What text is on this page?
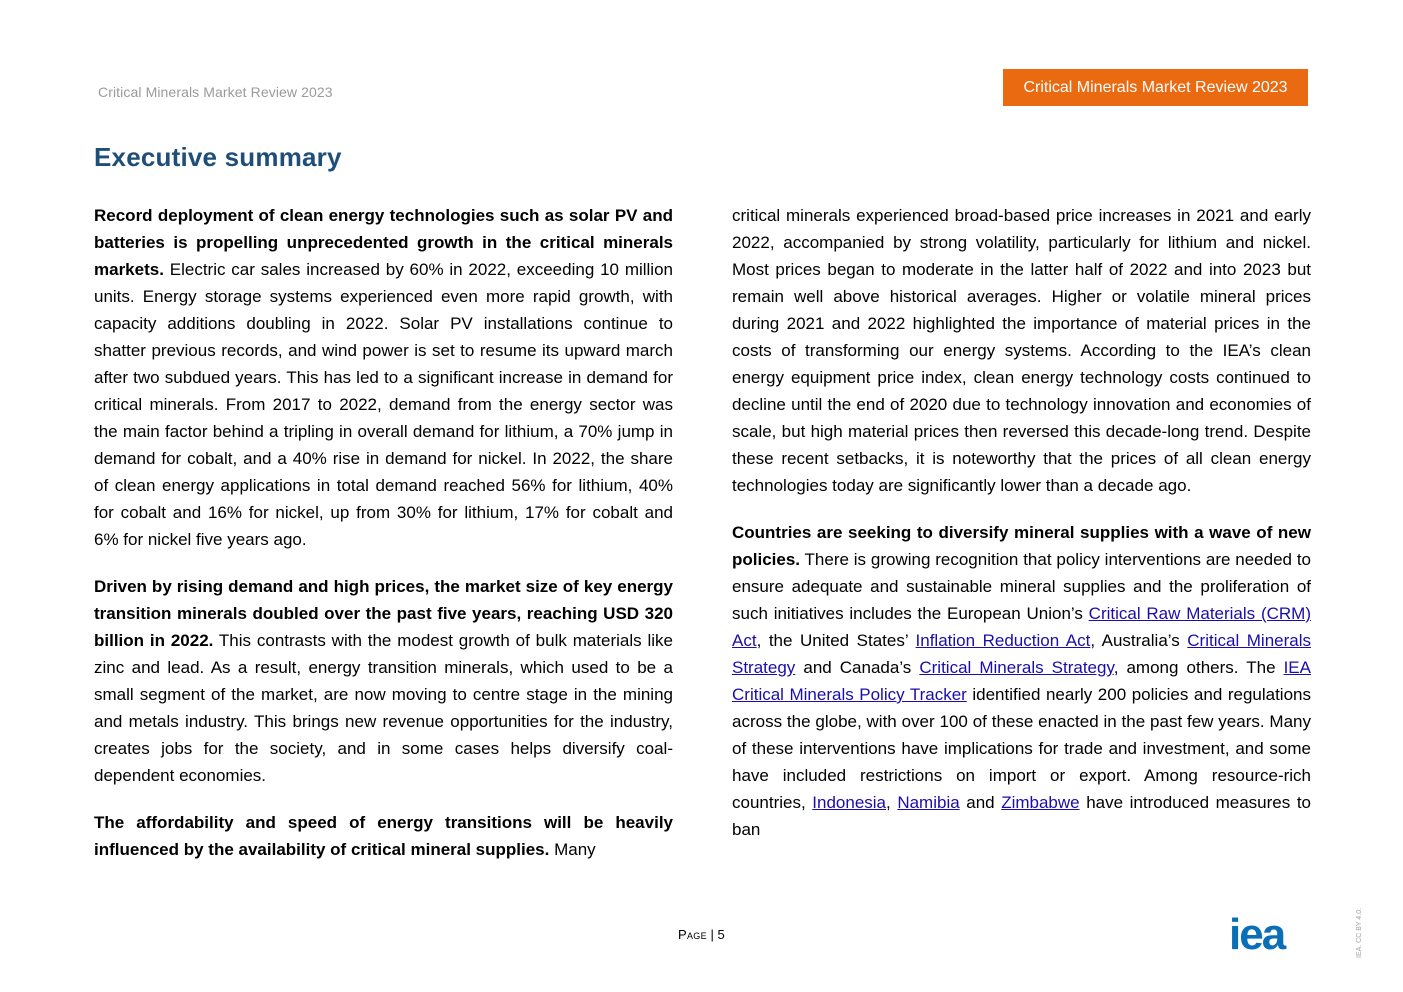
Critical Minerals Market Review 2023	Critical Minerals Market Review 2023
Executive summary

Record deployment of clean energy technologies such as solar PV and batteries is propelling unprecedented growth in the critical minerals markets. Electric car sales increased by 60% in 2022, exceeding 10 million units. Energy storage systems experienced even more rapid growth, with capacity additions doubling in 2022. Solar PV installations continue to shatter previous records, and wind power is set to resume its upward march after two subdued years. This has led to a significant increase in demand for critical minerals. From 2017 to 2022, demand from the energy sector was the main factor behind a tripling in overall demand for lithium, a 70% jump in demand for cobalt, and a 40% rise in demand for nickel. In 2022, the share of clean energy applications in total demand reached 56% for lithium, 40% for cobalt and 16% for nickel, up from 30% for lithium, 17% for cobalt and 6% for nickel five years ago.

Driven by rising demand and high prices, the market size of key energy transition minerals doubled over the past five years, reaching USD 320 billion in 2022. This contrasts with the modest growth of bulk materials like zinc and lead. As a result, energy transition minerals, which used to be a small segment of the market, are now moving to centre stage in the mining and metals industry. This brings new revenue opportunities for the industry, creates jobs for the society, and in some cases helps diversify coal-dependent economies.

The affordability and speed of energy transitions will be heavily influenced by the availability of critical mineral supplies. Many

critical minerals experienced broad-based price increases in 2021 and early 2022, accompanied by strong volatility, particularly for lithium and nickel. Most prices began to moderate in the latter half of 2022 and into 2023 but remain well above historical averages. Higher or volatile mineral prices during 2021 and 2022 highlighted the importance of material prices in the costs of transforming our energy systems. According to the IEA’s clean energy equipment price index, clean energy technology costs continued to decline until the end of 2020 due to technology innovation and economies of scale, but high material prices then reversed this decade-long trend. Despite these recent setbacks, it is noteworthy that the prices of all clean energy technologies today are significantly lower than a decade ago.

Countries are seeking to diversify mineral supplies with a wave of new policies. There is growing recognition that policy interventions are needed to ensure adequate and sustainable mineral supplies and the proliferation of such initiatives includes the European Union’s Critical Raw Materials (CRM) Act, the United States’ Inflation Reduction Act, Australia’s Critical Minerals Strategy and Canada’s Critical Minerals Strategy, among others. The IEA Critical Minerals Policy Tracker identified nearly 200 policies and regulations across the globe, with over 100 of these enacted in the past few years. Many of these interventions have implications for trade and investment, and some have included restrictions on import or export. Among resource-rich countries, Indonesia, Namibia and Zimbabwe have introduced measures to ban

Page | 5	iea	IEA. CC BY 4.0.
